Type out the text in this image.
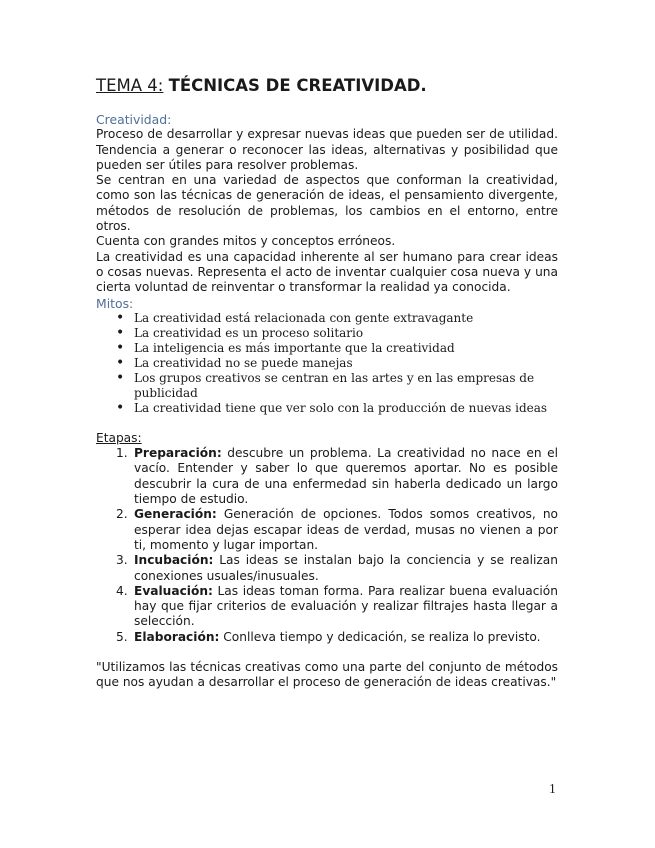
TEMA 4: TÉCNICAS DE CREATIVIDAD.
Creatividad:

Proceso de desarrollar y expresar nuevas ideas que pueden ser de utilidad. Tendencia a generar o reconocer las ideas, alternativas y posibilidad que pueden ser útiles para resolver problemas.

Se centran en una variedad de aspectos que conforman la creatividad, como son las técnicas de generación de ideas, el pensamiento divergente, métodos de resolución de problemas, los cambios en el entorno, entre otros.

Cuenta con grandes mitos y conceptos erróneos.

La creatividad es una capacidad inherente al ser humano para crear ideas o cosas nuevas. Representa el acto de inventar cualquier cosa nueva y una cierta voluntad de reinventar o transformar la realidad ya conocida.

Mitos:
• La creatividad está relacionada con gente extravagante
• La creatividad es un proceso solitario
• La inteligencia es más importante que la creatividad
• La creatividad no se puede manejas
• Los grupos creativos se centran en las artes y en las empresas de publicidad
• La creatividad tiene que ver solo con la producción de nuevas ideas
Etapas:
1. Preparación: descubre un problema. La creatividad no nace en el vacío. Entender y saber lo que queremos aportar. No es posible descubrir la cura de una enfermedad sin haberla dedicado un largo tiempo de estudio.
2. Generación: Generación de opciones. Todos somos creativos, no esperar idea dejas escapar ideas de verdad, musas no vienen a por ti, momento y lugar importan.
3. Incubación: Las ideas se instalan bajo la conciencia y se realizan conexiones usuales/inusuales.
4. Evaluación: Las ideas toman forma. Para realizar buena evaluación hay que fijar criterios de evaluación y realizar filtrajes hasta llegar a selección.
5. Elaboración: Conlleva tiempo y dedicación, se realiza lo previsto.

"Utilizamos las técnicas creativas como una parte del conjunto de métodos que nos ayudan a desarrollar el proceso de generación de ideas creativas."

1
